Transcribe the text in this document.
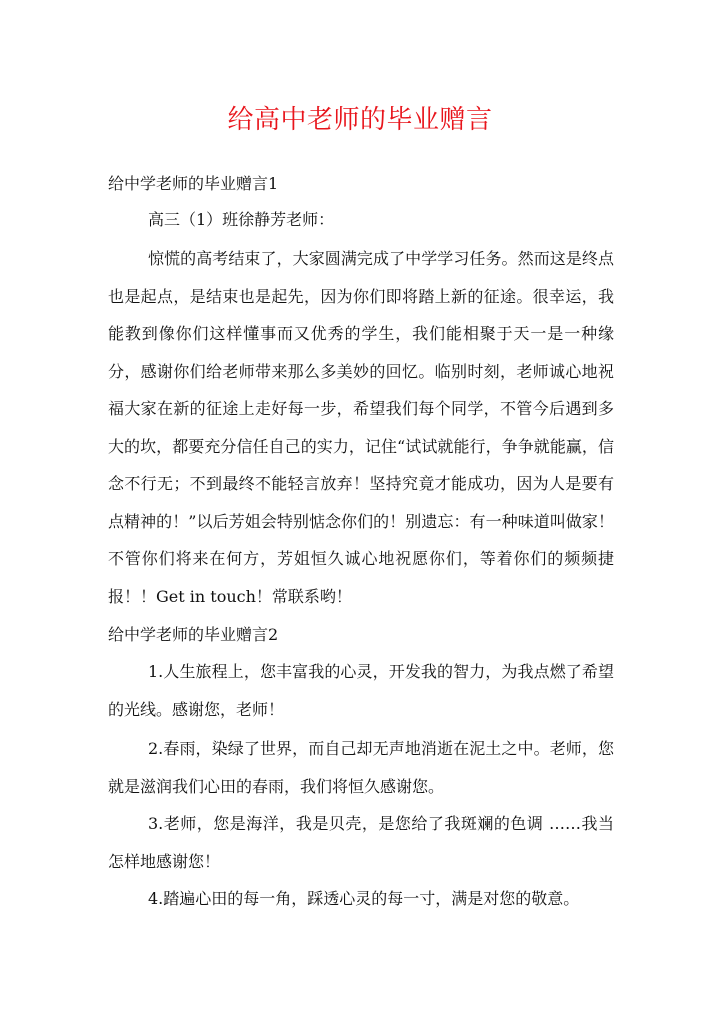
给高中老师的毕业赠言
给中学老师的毕业赠言1
高三（1）班徐静芳老师：
惊慌的高考结束了，大家圆满完成了中学学习任务。然而这是终点也是起点，是结束也是起先，因为你们即将踏上新的征途。很幸运，我能教到像你们这样懂事而又优秀的学生，我们能相聚于天一是一种缘分，感谢你们给老师带来那么多美妙的回忆。临别时刻，老师诚心地祝福大家在新的征途上走好每一步，希望我们每个同学，不管今后遇到多大的坎，都要充分信任自己的实力，记住“试试就能行，争争就能赢，信念不行无；不到最终不能轻言放弃！坚持究竟才能成功，因为人是要有点精神的！”以后芳姐会特别惦念你们的！别遗忘：有一种味道叫做家！不管你们将来在何方，芳姐恒久诚心地祝愿你们，等着你们的频频捷报！！Get in touch！常联系哟！
给中学老师的毕业赠言2
1.人生旅程上，您丰富我的心灵，开发我的智力，为我点燃了希望的光线。感谢您，老师！
2.春雨，染绿了世界，而自己却无声地消逝在泥土之中。老师，您就是滋润我们心田的春雨，我们将恒久感谢您。
3.老师，您是海洋，我是贝壳，是您给了我斑斓的色调 ……我当怎样地感谢您！
4.踏遍心田的每一角，踩透心灵的每一寸，满是对您的敬意。
